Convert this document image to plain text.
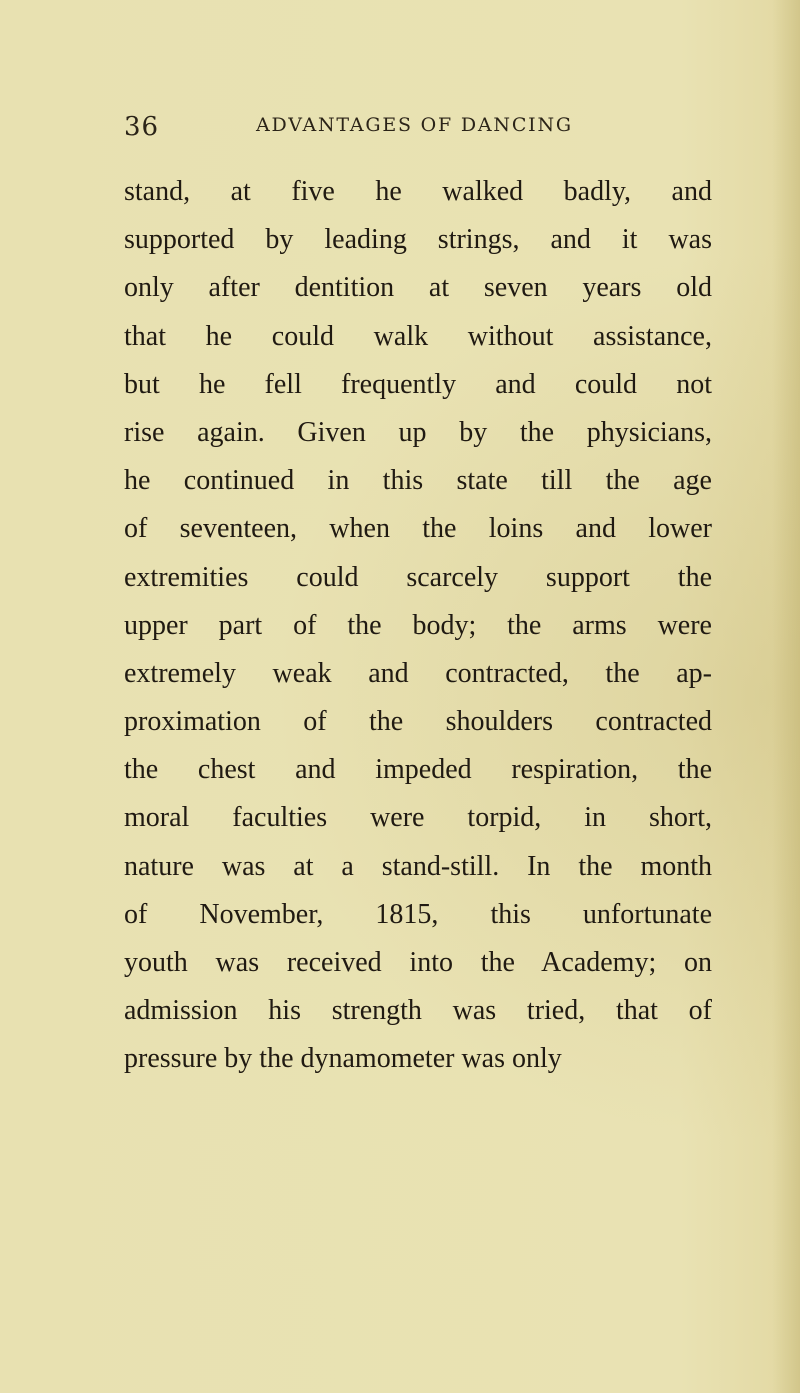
36	ADVANTAGES OF DANCING
stand, at five he walked badly, and
supported by leading strings, and it was
only after dentition at seven years old
that he could walk without assistance,
but he fell frequently and could not
rise again. Given up by the physicians,
he continued in this state till the age
of seventeen, when the loins and lower
extremities could scarcely support the
upper part of the body; the arms were
extremely weak and contracted, the ap-
proximation of the shoulders contracted
the chest and impeded respiration, the
moral faculties were torpid, in short,
nature was at a stand-still. In the month
of November, 1815, this unfortunate
youth was received into the Academy; on
admission his strength was tried, that of
pressure by the dynamometer was only
